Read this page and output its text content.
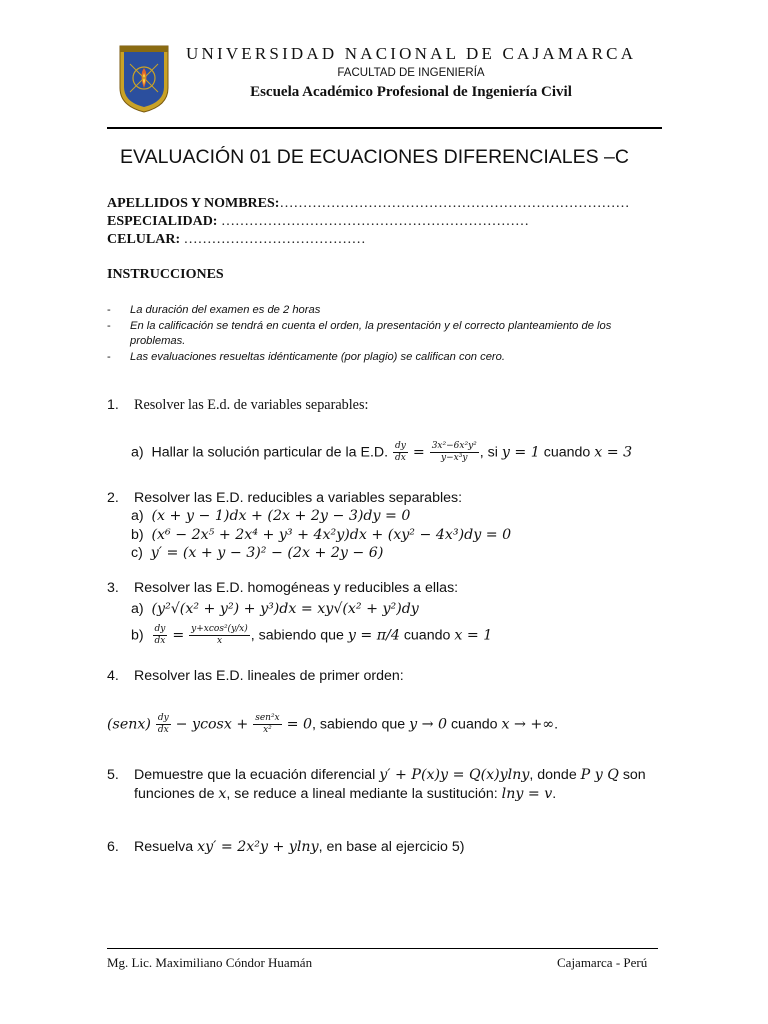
UNIVERSIDAD NACIONAL DE CAJAMARCA
FACULTAD DE INGENIERÍA
Escuela Académico Profesional de Ingeniería Civil
EVALUACIÓN 01 DE ECUACIONES DIFERENCIALES –C
APELLIDOS Y NOMBRES:…………………………………………………………………
ESPECIALIDAD: …………………………………………………………
CELULAR: …………………………………
INSTRUCCIONES
- La duración del examen es de 2 horas
- En la calificación se tendrá en cuenta el orden, la presentación y el correcto planteamiento de los problemas.
- Las evaluaciones resueltas idénticamente (por plagio) se califican con cero.
1. Resolver las E.d. de variables separables:
a) Hallar la solución particular de la E.D. $\frac{dy}{dx} = \frac{\text{3x²−6x²y²}}{\text{y−x³y}}$ , si y = 1 cuando x = 3
2. Resolver las E.D. reducibles a variables separables:
a) (x + y − 1)dx + (2x + 2y − 3)dy = 0
b) (x⁶ − 2x⁵ + 2x⁴ + y³ + 4x²y)dx + (xy² − 4x³)dy = 0
c) y′ = (x + y − 3)² − (2x + 2y − 6)
3. Resolver las E.D. homogéneas y reducibles a ellas:
a) (y²√(x² + y²) + y³)dx = xy√(x² + y²)dy
$b) \frac{dy}{dx} = \frac{\text{y+xcos²(y/x)}}{x}$ , sabiendo que y = π/4 cuando x = 1
4. Resolver las E.D. lineales de primer orden:
(senx) $\frac{dy}{dx} - ycosx + \frac{\text{sen²x}}{\text{x²}} = 0$, sabiendo que y → 0 cuando x → +∞.
5. Demuestre que la ecuación diferencial y′ + P(x)y = Q(x)ylny, donde P y Q son
funciones de x, se reduce a lineal mediante la sustitución: lny = v.
6. Resuelva xy′ = 2x²y + ylny, en base al ejercicio 5)
Mg. Lic. Maximiliano Cóndor Huamán	Cajamarca - Perú
